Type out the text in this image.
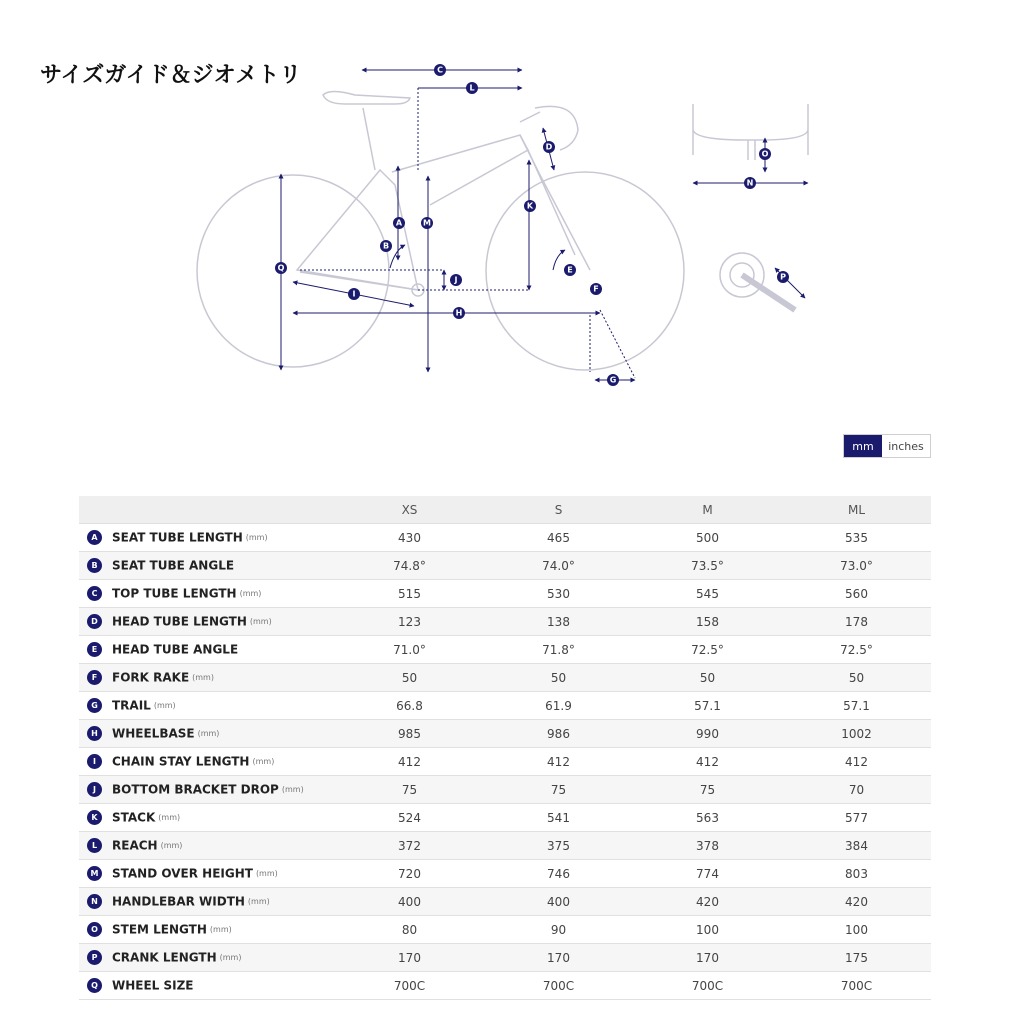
サイズガイド＆ジオメトリ	C
L
D
O
N
A	M
K
B
Q
J
E
F
P
I
H
G
mm	inches
	XS	S	M	ML
A SEAT TUBE LENGTH (mm)	430	465	500	535
B SEAT TUBE ANGLE	74.8°	74.0°	73.5°	73.0°
C TOP TUBE LENGTH (mm)	515	530	545	560
D HEAD TUBE LENGTH (mm)	123	138	158	178
E HEAD TUBE ANGLE	71.0°	71.8°	72.5°	72.5°
F FORK RAKE (mm)	50	50	50	50
G TRAIL (mm)	66.8	61.9	57.1	57.1
H WHEELBASE (mm)	985	986	990	1002
I CHAIN STAY LENGTH (mm)	412	412	412	412
J BOTTOM BRACKET DROP (mm)	75	75	75	70
K STACK (mm)	524	541	563	577
L REACH (mm)	372	375	378	384
M STAND OVER HEIGHT (mm)	720	746	774	803
N HANDLEBAR WIDTH (mm)	400	400	420	420
O STEM LENGTH (mm)	80	90	100	100
P CRANK LENGTH (mm)	170	170	170	175
Q WHEEL SIZE	700C	700C	700C	700C
